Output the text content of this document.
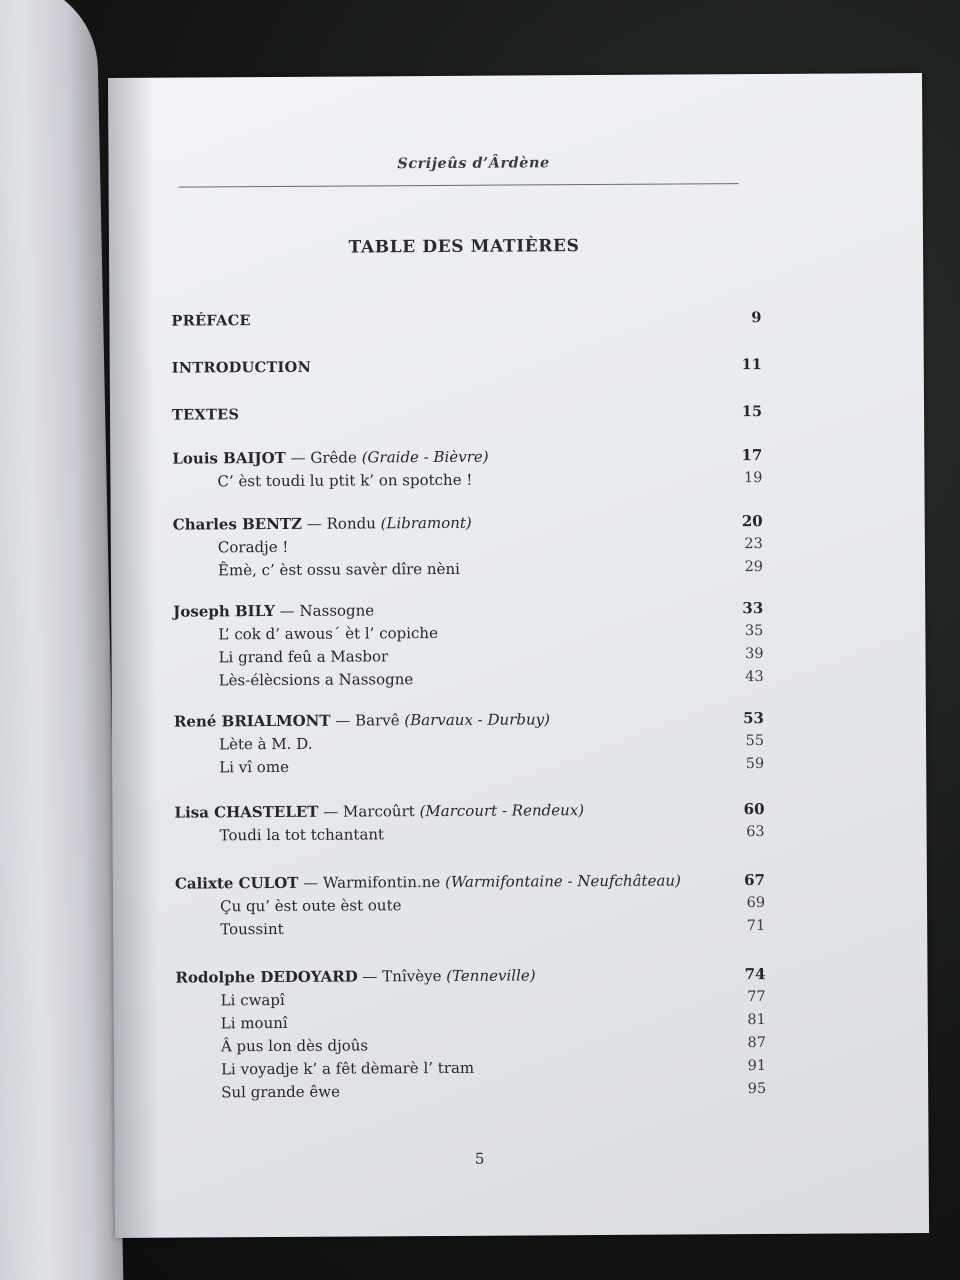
Scrijeûs d’Ârdène
TABLE DES MATIÈRES
PRÉFACE	9
INTRODUCTION	11
TEXTES	15
Louis BAIJOT — Grêde (Graide - Bièvre)	17
C’ èst toudi lu ptit k’ on spotche !	19
Charles BENTZ — Rondu (Libramont)	20
Coradje !	23
Êmè, c’ èst ossu savèr dîre nèni	29
Joseph BILY — Nassogne	33
L’ cok d’ awous´ èt l’ copiche	35
Li grand feû a Masbor	39
Lès-élècsions a Nassogne	43
René BRIALMONT — Barvê (Barvaux - Durbuy)	53
Lète à M. D.	55
Li vî ome	59
Lisa CHASTELET — Marcoûrt (Marcourt - Rendeux)	60
Toudi la tot tchantant	63
Calixte CULOT — Warmifontin.ne (Warmifontaine - Neufchâteau)	67
Çu qu’ èst oute èst oute	69
Toussint	71
Rodolphe DEDOYARD — Tnîvèye (Tenneville)	74
Li cwapî	77
Li mounî	81
Â pus lon dès djoûs	87
Li voyadje k’ a fêt dèmarè l’ tram	91
Sul grande êwe	95
5
